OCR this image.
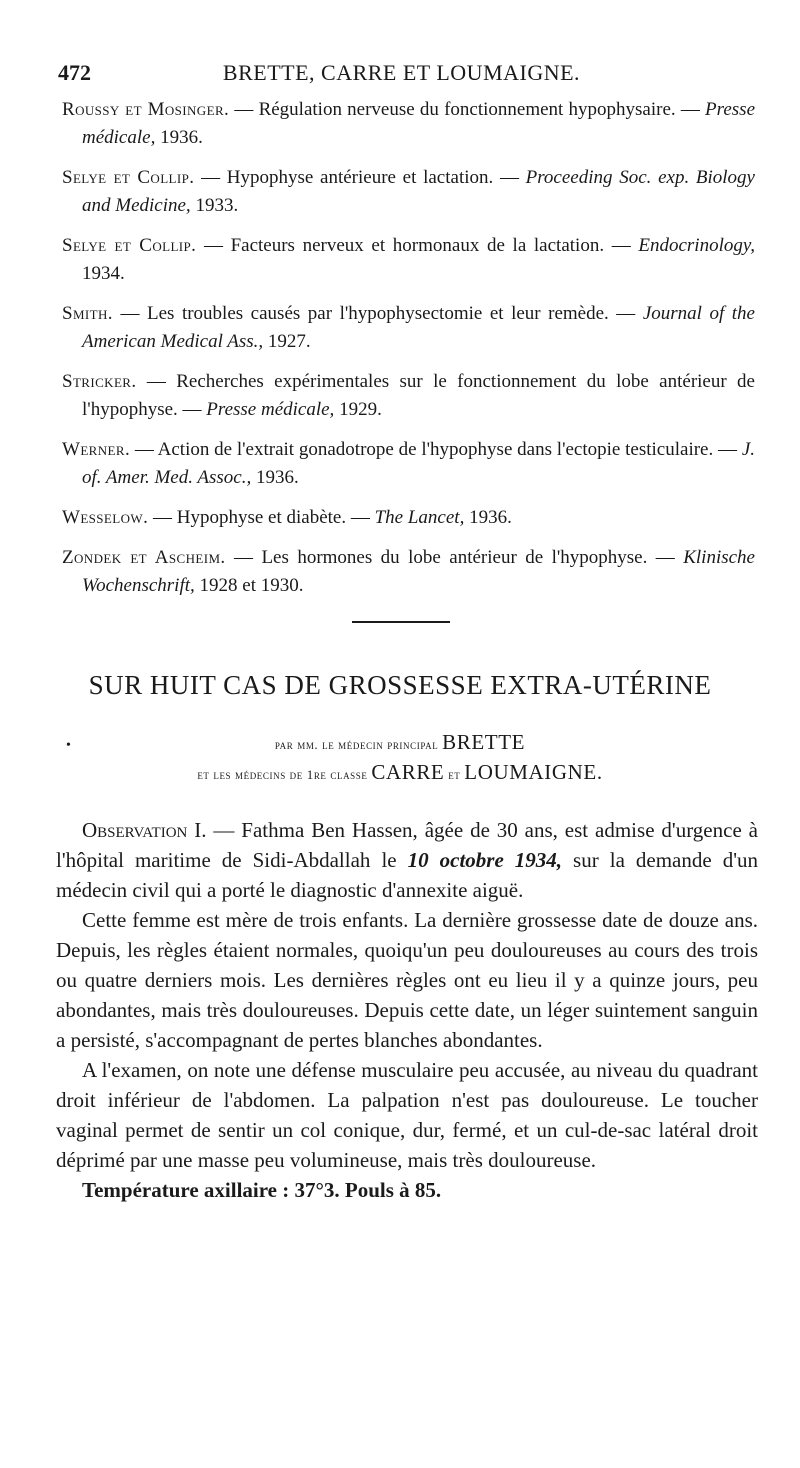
472	BRETTE, CARRE ET LOUMAIGNE.

Roussy et Mosinger. — Régulation nerveuse du fonctionnement hypophysaire. — Presse médicale, 1936.

Selye et Collip. — Hypophyse antérieure et lactation. — Proceeding Soc. exp. Biology and Medicine, 1933.

Selye et Collip. — Facteurs nerveux et hormonaux de la lactation. — Endocrinology, 1934.

Smith. — Les troubles causés par l'hypophysectomie et leur remède. — Journal of the American Medical Ass., 1927.

Stricker. — Recherches expérimentales sur le fonctionnement du lobe antérieur de l'hypophyse. — Presse médicale, 1929.

Werner. — Action de l'extrait gonadotrope de l'hypophyse dans l'ectopie testiculaire. — J. of. Amer. Med. Assoc., 1936.

Wesselow. — Hypophyse et diabète. — The Lancet, 1936.

Zondek et Ascheim. — Les hormones du lobe antérieur de l'hypophyse. — Klinische Wochenschrift, 1928 et 1930.

SUR HUIT CAS DE GROSSESSE EXTRA-UTÉRINE
•	par mm. le médecin principal BRETTE
et les médecins de 1re classe CARRE et LOUMAIGNE.

Observation I. — Fathma Ben Hassen, âgée de 30 ans, est admise d'urgence à l'hôpital maritime de Sidi-Abdallah le 10 octobre 1934, sur la demande d'un médecin civil qui a porté le diagnostic d'annexite aiguë.

Cette femme est mère de trois enfants. La dernière grossesse date de douze ans. Depuis, les règles étaient normales, quoiqu'un peu douloureuses au cours des trois ou quatre derniers mois. Les dernières règles ont eu lieu il y a quinze jours, peu abondantes, mais très douloureuses. Depuis cette date, un léger suintement sanguin a persisté, s'accompagnant de pertes blanches abondantes.

A l'examen, on note une défense musculaire peu accusée, au niveau du quadrant droit inférieur de l'abdomen. La palpation n'est pas douloureuse. Le toucher vaginal permet de sentir un col conique, dur, fermé, et un cul-de-sac latéral droit déprimé par une masse peu volumineuse, mais très douloureuse.

Température axillaire : 37°3. Pouls à 85.
